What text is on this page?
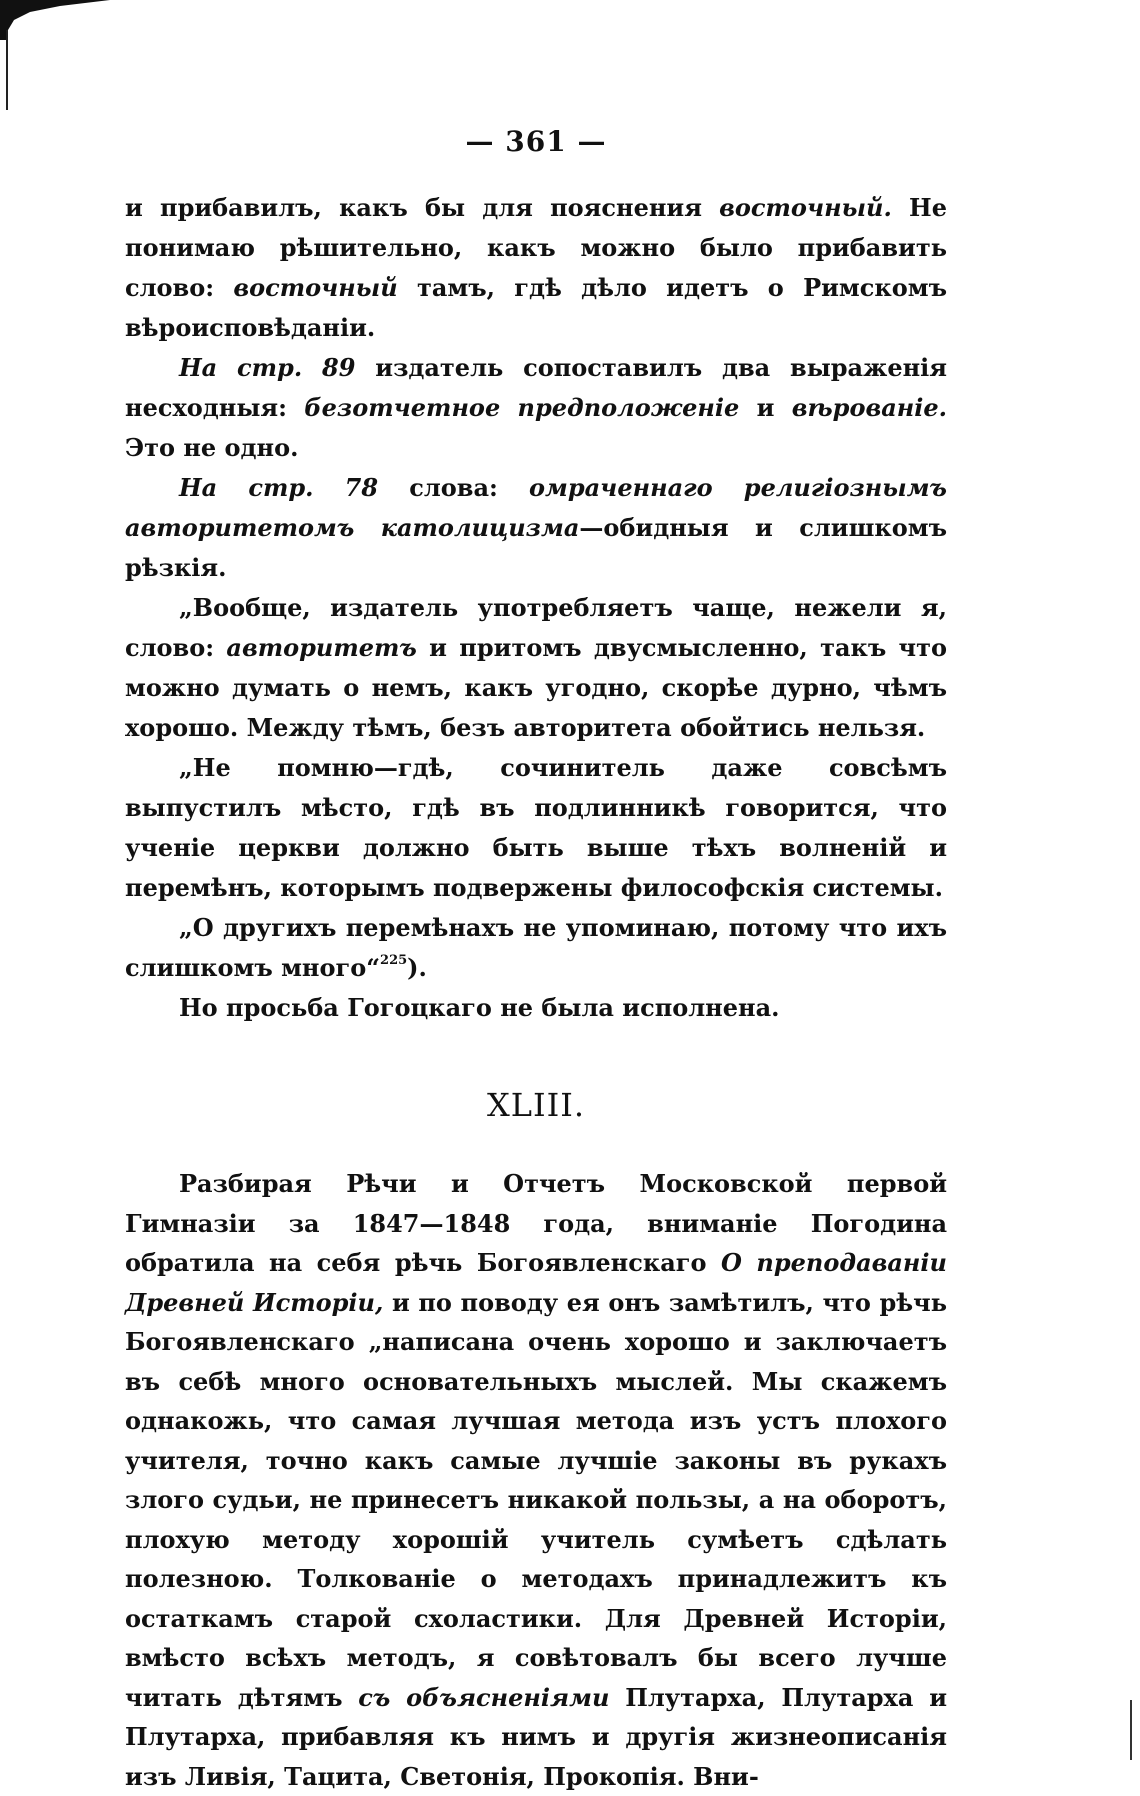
— 361 —

и прибавилъ, какъ бы для пояснения восточный. Не понимаю рѣшительно, какъ можно было прибавить слово: восточный тамъ, гдѣ дѣло идетъ о Римскомъ вѣроисповѣданіи.

На стр. 89 издатель сопоставилъ два выраженія несходныя: безотчетное предположеніе и вѣрованіе. Это не одно.

На стр. 78 слова: омраченнаго религіознымъ авторитетомъ католицизма—обидныя и слишкомъ рѣзкія.

„Вообще, издатель употребляетъ чаще, нежели я, слово: авторитетъ и притомъ двусмысленно, такъ что можно думать о немъ, какъ угодно, скорѣе дурно, чѣмъ хорошо. Между тѣмъ, безъ авторитета обойтись нельзя.

„Не помню—гдѣ, сочинитель даже совсѣмъ выпустилъ мѣсто, гдѣ въ подлинникѣ говорится, что ученіе церкви должно быть выше тѣхъ волненій и перемѣнъ, которымъ подвержены философскія системы.

„О другихъ перемѣнахъ не упоминаю, потому что ихъ слишкомъ много“$^{225}$).

Но просьба Гогоцкаго не была исполнена.

XLIII.

Разбирая Рѣчи и Отчетъ Московской первой Гимназіи за 1847—1848 года, вниманіе Погодина обратила на себя рѣчь Богоявленскаго О преподаваніи Древней Исторіи, и по поводу ея онъ замѣтилъ, что рѣчь Богоявленскаго „написана очень хорошо и заключаетъ въ себѣ много основательныхъ мыслей. Мы скажемъ однакожь, что самая лучшая метода изъ устъ плохого учителя, точно какъ самые лучшіе законы въ рукахъ злого судьи, не принесетъ никакой пользы, а на оборотъ, плохую методу хорошій учитель сумѣетъ сдѣлать полезною. Толкованіе о методахъ принадлежитъ къ остаткамъ старой схоластики. Для Древней Исторіи, вмѣсто всѣхъ методъ, я совѣтовалъ бы всего лучше читать дѣтямъ съ объясненіями Плутарха, Плутарха и Плутарха, прибавляя къ нимъ и другія жизнеописанія изъ Ливія, Тацита, Светонія, Прокопія. Вни-
